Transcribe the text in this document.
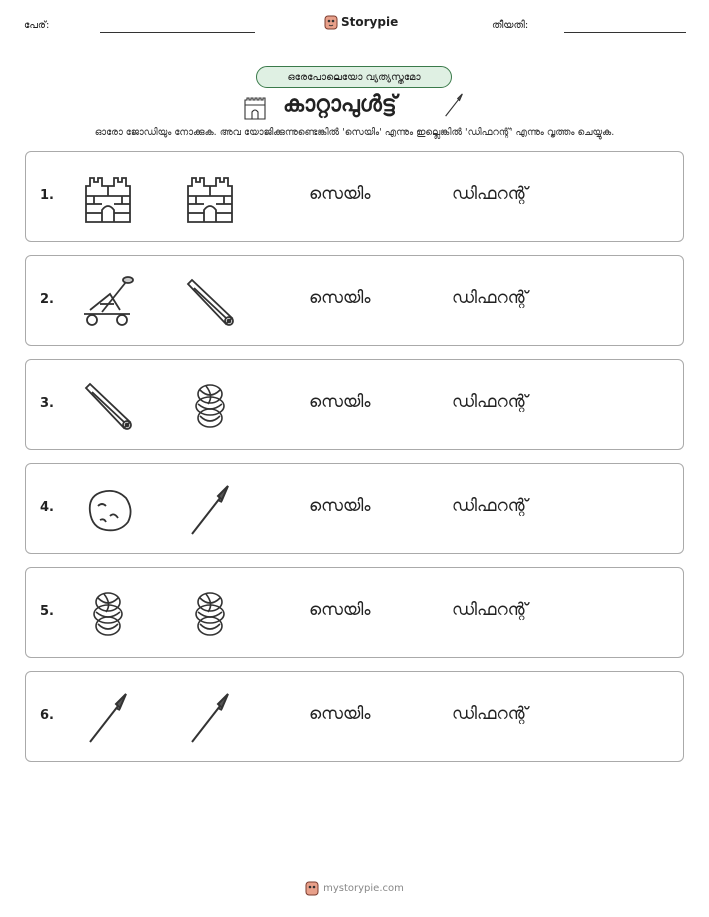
പേര്:	Storypie	തീയതി:
ഒരേപോലെയോ വ്യത്യസ്തമോ
കാറ്റാപുൾട്ട്
ഓരോ ജോഡിയും നോക്കുക. അവ യോജിക്കുന്നുണ്ടെങ്കിൽ 'സെയിം' എന്നും ഇല്ലെങ്കിൽ 'ഡിഫറന്റ്' എന്നും വൃത്തം ചെയ്യുക.
1.	സെയിം	ഡിഫറന്റ്
2.	സെയിം	ഡിഫറന്റ്
3.	സെയിം	ഡിഫറന്റ്
4.	സെയിം	ഡിഫറന്റ്
5.	സെയിം	ഡിഫറന്റ്
6.	സെയിം	ഡിഫറന്റ്
mystorypie.com
